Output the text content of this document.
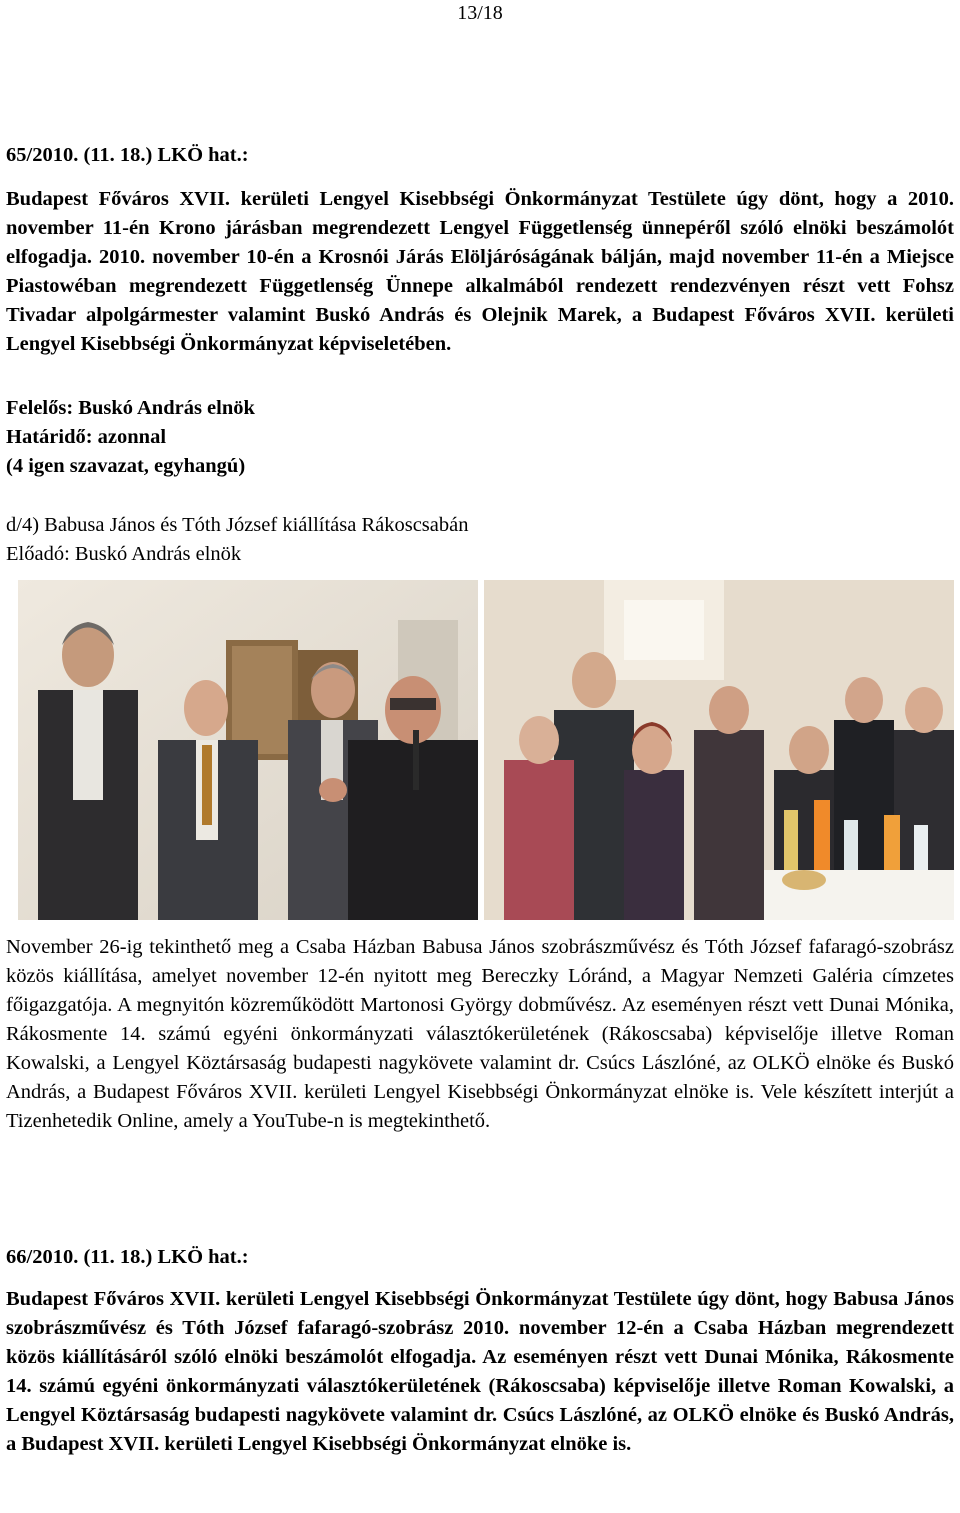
13/18
65/2010. (11. 18.) LKÖ hat.:
Budapest Főváros XVII. kerületi Lengyel Kisebbségi Önkormányzat Testülete úgy dönt, hogy a 2010. november 11-én Krono járásban megrendezett Lengyel Függetlenség ünnepéről szóló elnöki beszámolót elfogadja. 2010. november 10-én a Krosnói Járás Elöljáróságának bálján, majd november 11-én a Miejsce Piastowéban megrendezett Függetlenség Ünnepe alkalmából rendezett rendezvényen részt vett Fohsz Tivadar alpolgármester valamint Buskó András és Olejnik Marek, a Budapest Főváros XVII. kerületi Lengyel Kisebbségi Önkormányzat képviseletében.
Felelős: Buskó András elnök
Határidő: azonnal
(4 igen szavazat, egyhangú)
d/4) Babusa János és Tóth József kiállítása Rákoscsabán
Előadó: Buskó András elnök
November 26-ig tekinthető meg a Csaba Házban Babusa János szobrászművész és Tóth József fafaragó-szobrász közös kiállítása, amelyet november 12-én nyitott meg Bereczky Lóránd, a Magyar Nemzeti Galéria címzetes főigazgatója. A megnyitón közreműködött Martonosi György dobművész. Az eseményen részt vett Dunai Mónika, Rákosmente 14. számú egyéni önkormányzati választókerületének (Rákoscsaba) képviselője illetve Roman Kowalski, a Lengyel Köztársaság budapesti nagykövete valamint dr. Csúcs Lászlóné, az OLKÖ elnöke és Buskó András, a Budapest Főváros XVII. kerületi Lengyel Kisebbségi Önkormányzat elnöke is. Vele készített interjút a Tizenhetedik Online, amely a YouTube-n is megtekinthető.
66/2010. (11. 18.) LKÖ hat.:
Budapest Főváros XVII. kerületi Lengyel Kisebbségi Önkormányzat Testülete úgy dönt, hogy Babusa János szobrászművész és Tóth József fafaragó-szobrász 2010. november 12-én a Csaba Házban megrendezett közös kiállításáról szóló elnöki beszámolót elfogadja. Az eseményen részt vett Dunai Mónika, Rákosmente 14. számú egyéni önkormányzati választókerületének (Rákoscsaba) képviselője illetve Roman Kowalski, a Lengyel Köztársaság budapesti nagykövete valamint dr. Csúcs Lászlóné, az OLKÖ elnöke és Buskó András, a Budapest XVII. kerületi Lengyel Kisebbségi Önkormányzat elnöke is.
